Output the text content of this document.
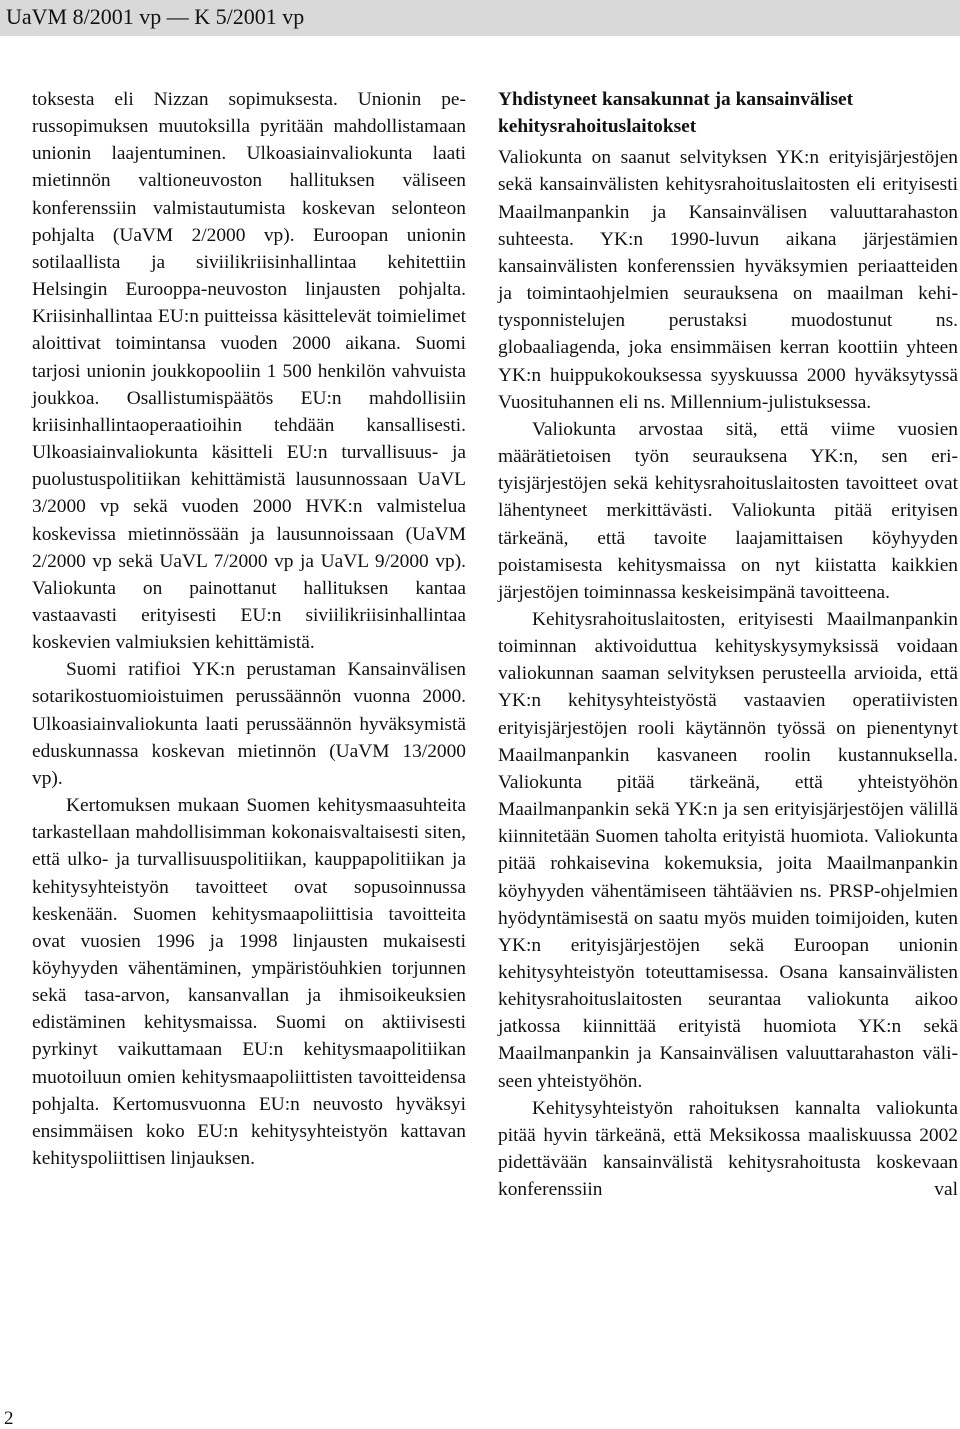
UaVM 8/2001 vp — K 5/2001 vp

toksesta eli Nizzan sopimuksesta. Unionin perussopimuksen muutoksilla pyritään mahdollistamaan unionin laajentuminen. Ulkoasiainvaliokunta laati mietinnön valtioneuvoston hallituksen väliseen konferenssiin valmistautumista koskevan selonteon pohjalta (UaVM 2/2000 vp). Euroopan unionin sotilaallista ja siviilikriisinhallintaa kehitettiin Helsingin Eurooppa-neuvoston linjausten pohjalta. Kriisinhallintaa EU:n puitteissa käsittelevät toimielimet aloittivat toimintansa vuoden 2000 aikana. Suomi tarjosi unionin joukkopooliin 1 500 henkilön vahvuista joukkoa. Osallistumispäätös EU:n mahdollisiin kriisinhallintaoperaatioihin tehdään kansallisesti. Ulkoasiainvaliokunta käsitteli EU:n turvallisuus- ja puolustuspolitiikan kehittämistä lausunnossaan UaVL 3/2000 vp sekä vuoden 2000 HVK:n valmistelua koskevissa mietinnössään ja lausunnoissaan (UaVM 2/2000 vp sekä UaVL 7/2000 vp ja UaVL 9/2000 vp). Valiokunta on painottanut hallituksen kantaa vastaavasti erityisesti EU:n siviilikriisinhallintaa koskevien valmiuksien kehittämistä.

Suomi ratifioi YK:n perustaman Kansainvälisen sotarikostuomioistuimen perussäännön vuonna 2000. Ulkoasiainvaliokunta laati perussäännön hyväksymistä eduskunnassa koskevan mietinnön (UaVM 13/2000 vp).

Kertomuksen mukaan Suomen kehitysmaasuhteita tarkastellaan mahdollisimman kokonaisvaltaisesti siten, että ulko- ja turvallisuuspolitiikan, kauppapolitiikan ja kehitysyhteistyön tavoitteet ovat sopusoinnussa keskenään. Suomen kehitysmaapoliittisia tavoitteita ovat vuosien 1996 ja 1998 linjausten mukaisesti köyhyyden vähentäminen, ympäristöuhkien torjunnen sekä tasa-arvon, kansanvallan ja ihmisoikeuksien edistäminen kehitysmaissa. Suomi on aktiivisesti pyrkinyt vaikuttamaan EU:n kehitysmaapolitiikan muotoiluun omien kehitysmaapoliittisten tavoitteidensa pohjalta. Kertomusvuonna EU:n neuvosto hyväksyi ensimmäisen koko EU:n kehitysyhteistyön kattavan kehityspoliittisen linjauksen.

Yhdistyneet kansakunnat ja kansainväliset kehitysrahoituslaitokset

Valiokunta on saanut selvityksen YK:n erityisjärjestöjen sekä kansainvälisten kehitysrahoituslaitosten eli erityisesti Maailmanpankin ja Kansainvälisen valuuttarahaston suhteesta. YK:n 1990-luvun aikana järjestämien kansainvälisten konferenssien hyväksymien periaatteiden ja toimintaohjelmien seurauksena on maailman kehitysponnistelujen perustaksi muodostunut ns. globaaliagenda, joka ensimmäisen kerran koottiin yhteen YK:n huippukokouksessa syyskuussa 2000 hyväksytyssä Vuosituhannen eli ns. Millennium-julistuksessa.

Valiokunta arvostaa sitä, että viime vuosien määrätietoisen työn seurauksena YK:n, sen erityisjärjestöjen sekä kehitysrahoituslaitosten tavoitteet ovat lähentyneet merkittävästi. Valiokunta pitää erityisen tärkeänä, että tavoite laajamittaisen köyhyyden poistamisesta kehitysmaissa on nyt kiistatta kaikkien järjestöjen toiminnassa keskeisimpänä tavoitteena.

Kehitysrahoituslaitosten, erityisesti Maailmanpankin toiminnan aktivoiduttua kehityskysymyksissä voidaan valiokunnan saaman selvityksen perusteella arvioida, että YK:n kehitysyhteistyöstä vastaavien operatiivisten erityisjärjestöjen rooli käytännön työssä on pienentynyt Maailmanpankin kasvaneen roolin kustannuksella. Valiokunta pitää tärkeänä, että yhteistyöhön Maailmanpankin sekä YK:n ja sen erityisjärjestöjen välillä kiinnitetään Suomen taholta erityistä huomiota. Valiokunta pitää rohkaisevina kokemuksia, joita Maailmanpankin köyhyyden vähentämiseen tähtäävien ns. PRSP-ohjelmien hyödyntämisestä on saatu myös muiden toimijoiden, kuten YK:n erityisjärjestöjen sekä Euroopan unionin kehitysyhteistyön toteuttamisessa. Osana kansainvälisten kehitysrahoituslaitosten seurantaa valiokunta aikoo jatkossa kiinnittää erityistä huomiota YK:n sekä Maailmanpankin ja Kansainvälisen valuuttarahaston väliseen yhteistyöhön.

Kehitysyhteistyön rahoituksen kannalta valiokunta pitää hyvin tärkeänä, että Meksikossa maaliskuussa 2002 pidettävään kansainvälistä kehitysrahoitusta koskevaan konferenssiin val

2
